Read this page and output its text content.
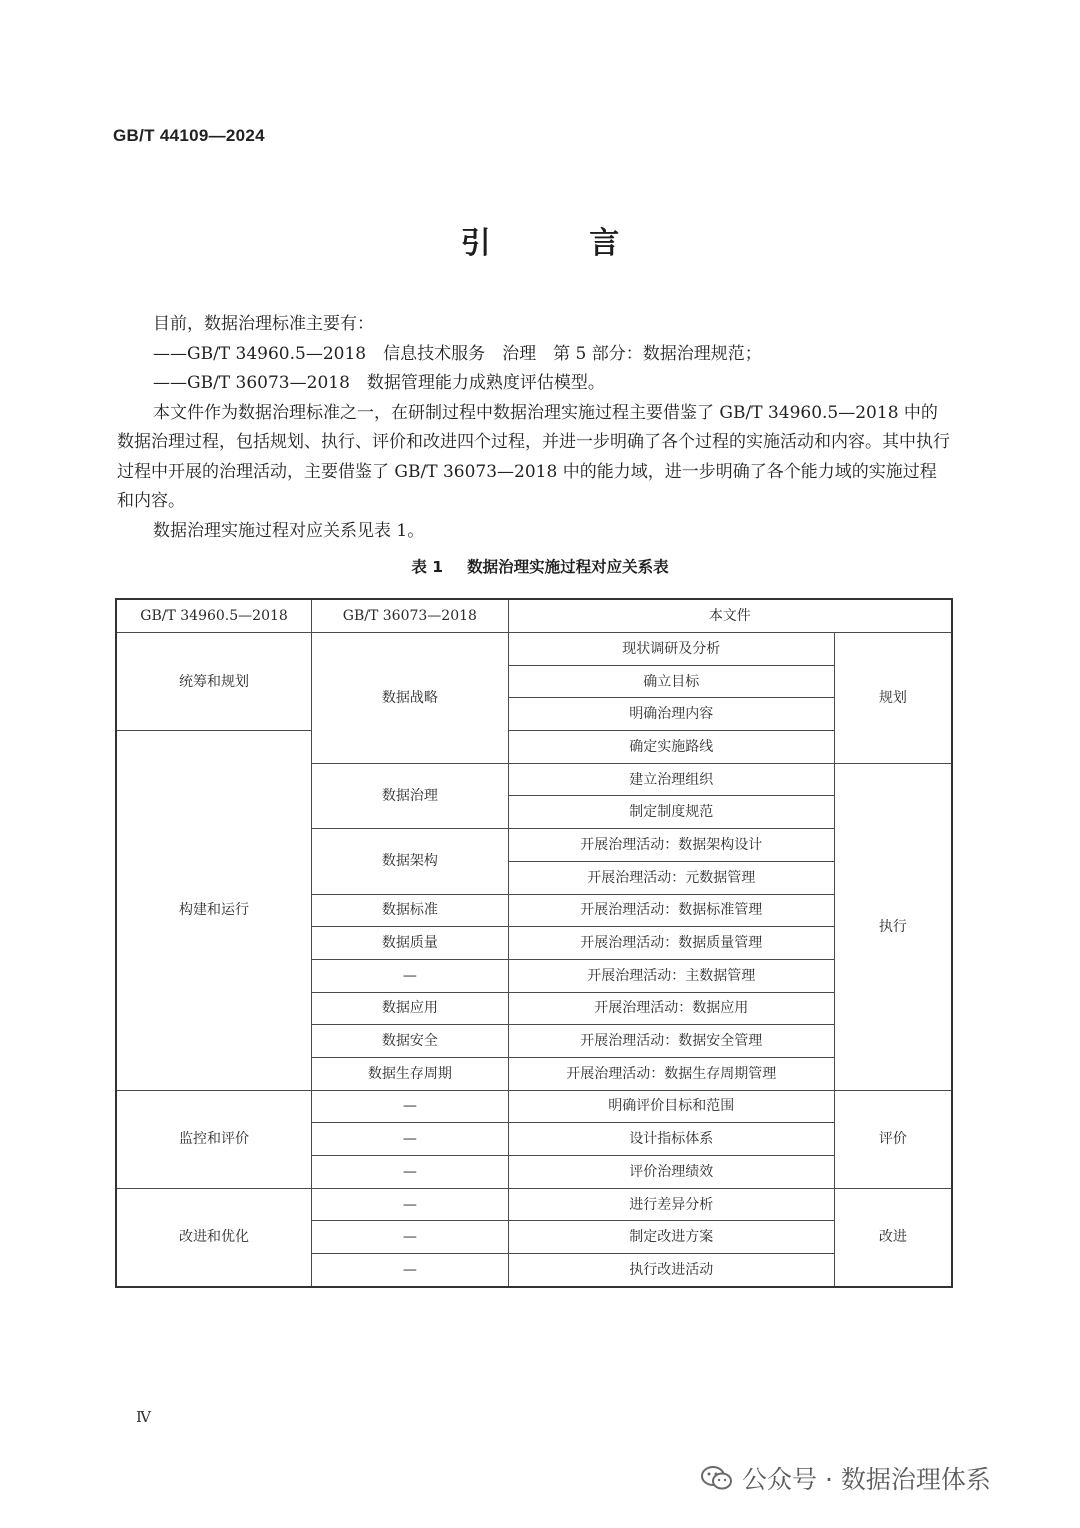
GB/T 44109—2024
引 言

目前，数据治理标准主要有：

——GB/T 34960.5—2018　信息技术服务　治理　第 5 部分：数据治理规范；

——GB/T 36073—2018　数据管理能力成熟度评估模型。

本文件作为数据治理标准之一，在研制过程中数据治理实施过程主要借鉴了 GB/T 34960.5—2018 中的数据治理过程，包括规划、执行、评价和改进四个过程，并进一步明确了各个过程的实施活动和内容。其中执行过程中开展的治理活动，主要借鉴了 GB/T 36073—2018 中的能力域，进一步明确了各个能力域的实施过程和内容。

数据治理实施过程对应关系见表 1。

表 1 数据治理实施过程对应关系表
GB/T 34960.5—2018	GB/T 36073—2018	本文件	
统筹和规划	数据战略	现状调研及分析	规划
		确立目标	
		明确治理内容	
构建和运行		确定实施路线	
	数据治理	建立治理组织	执行
		制定制度规范	
	数据架构	开展治理活动：数据架构设计	
		开展治理活动：元数据管理	
	数据标准	开展治理活动：数据标准管理	
	数据质量	开展治理活动：数据质量管理	
	—	开展治理活动：主数据管理	
	数据应用	开展治理活动：数据应用	
	数据安全	开展治理活动：数据安全管理	
	数据生存周期	开展治理活动：数据生存周期管理	
监控和评价	—	明确评价目标和范围	评价
	—	设计指标体系	
	—	评价治理绩效	
改进和优化	—	进行差异分析	改进
	—	制定改进方案	
	—	执行改进活动	
Ⅳ
公众号 · 数据治理体系
